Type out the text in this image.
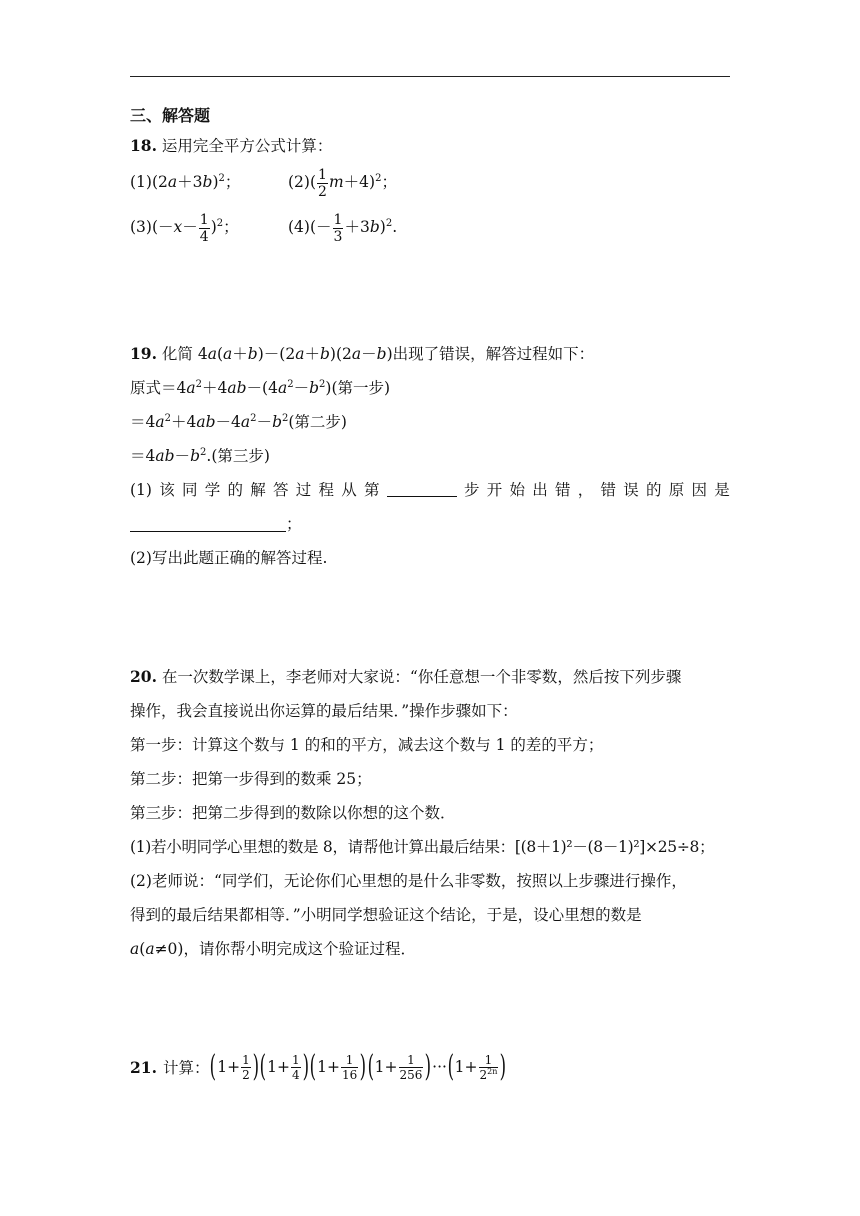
三、解答题
18. 运用完全平方公式计算：
$(1)(2a+3b)^2$；	$(2)( \frac{1}{2} m+4)^2$；
$(3)(-x- \frac{1}{4} )^2$；	$(4)(- \frac{1}{3} +3b)^2$.
19. 化简 4a(a＋b)－(2a＋b)(2a－b)出现了错误，解答过程如下：
原式$=4a^2+4ab-(4a^2-b^2)$(第一步)
$=4a^2+4ab-4a^2-b^2$(第二步)
$=4ab-b^2$.(第三步)
(1) 该 同 学 的 解 答 过 程 从 第	步 开 始 出 错 ， 错 误 的 原 因 是
；
(2)写出此题正确的解答过程.
20. 在一次数学课上，李老师对大家说：“你任意想一个非零数，然后按下列步骤
操作，我会直接说出你运算的最后结果．”操作步骤如下：
第一步：计算这个数与 1 的和的平方，减去这个数与 1 的差的平方；
第二步：把第一步得到的数乘 25；
第三步：把第二步得到的数除以你想的这个数．
(1)若小明同学心里想的数是 8，请帮他计算出最后结果：[(8＋1)²－(8－1)²]×25÷8；
(2)老师说：“同学们，无论你们心里想的是什么非零数，按照以上步骤进行操作，
得到的最后结果都相等．”小明同学想验证这个结论，于是，设心里想的数是
a(a≠0)，请你帮小明完成这个验证过程．
21. 计算： ( $1+ \frac{1}{2}$ ) ( $1+ \frac{1}{4}$ ) ( $1+ \frac{1}{16}$ ) ( $1+ \frac{1}{256}$ ) ··· ( $1+ \frac{1}{2^{2n}}$ )
